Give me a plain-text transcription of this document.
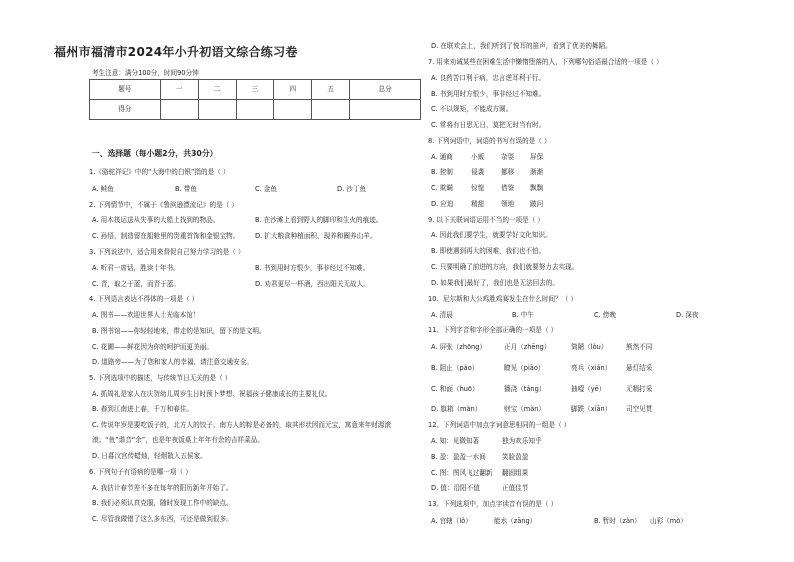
福州市福清市2024年小升初语文综合练习卷
考生注意：满分100分，时间90分钟
题号	一	二	三	四	五	总分
得分						
一、选择题（每小题2分，共30分）
1.《骆驼祥记》中的“大海中的白银”指的是（ ）
A. 鲑鱼	B. 带鱼	C. 金鱼	D. 沙丁鱼
2. 下列情节中，不属于《鲁滨逊漂流记》的是（ ）
A. 用木筏运送从失事的大船上找到的物品。	B. 在沙滩上看到野人的脚印和生火的痕迹。
C. 孙悟，制造留在船舱里的贵重首饰和金银宝物。 D. 扩大粮食种植面积，现养和圈养山羊。
3. 下列说法中，适合用来督促自己努力学习的是（ ）
A. 听君一席话，胜读十年书。	B. 书到用时方恨少，事非经过不知难。
C. 青，取之于蓝，而青于蓝。	D. 劝君更尽一杯酒，西出阳关无故人。
4. 下列语言表达不得体的一项是（ ）
A. 图书——欢迎世界人士光临本馆！
B. 图书馆——你轻轻地来，带走的是知识，留下的是文明。
C. 花圃——鲜花因为你的呵护而更美丽。
D. 道路旁——为了您和家人的幸福，请注意交通安全。
5. 下列选项中的描述，与传统节日无关的是（ ）
A. 抓周礼是家人在庆贺幼儿周岁生日时预卜梦想、祝福孩子健康成长的主要礼仪。
B. 春到江南进上春，千万和春住。
C. 传说年岁是要吃饭子的，北方人的饺子、南方人的粽是必备的，取其形状因而元宝，寓意来年财源滚
滚；“鱼”谐音“余”，也是年夜饭桌上年年有余的吉祥菜品。
D. 日暮汉宫传蜡烛，轻烟散入五侯家。
6. 下列句子有语病的是哪一项（ ）
A. 我估计春节差不多在每年的阳历新年开始了。
B. 我们必须认真克服，随时发现工作中的缺点。
C. 尽管我做错了这么多东西，可还是做到很多。
D. 在联欢会上，我们听到了悦耳的笛声，看到了优美的舞蹈。
7. 用来劝诫某些在困难生活中懒惰堕落的人，下列哪句俗语最合适的一项是（ ）
A. 良药苦口利于病，忠言逆耳利于行。
B. 书到用时方恨少，事非经过不知难。
C. 不以规矩，不能成方圆。
C. 常将有日思无日，莫把无时当有时。
8. 下列词语中，词语的书写有误的是（ ）
A. 通商	小贩	杂耍 屏保
B. 控制	侵袭	挪移 渐渐
C. 欺瞒	惊惶	借鉴 飘飘
D. 应迫	精甜	领地 跛问
9. 以下关联词语运用不当的一项是（ ）
A. 因此我们要学生，就要学好文化知识。
B. 即使遇到再大的困难，我们也不怕。
C. 只要明确了前进的方向，我们就要努力去实现。
D. 如果我们最好了，我们也是无法回去的。
10、尼尔斯和大公鸡胜鸡赛发生在什么时间？（ ）
A. 清晨	B. 中午	C. 傍晚	D. 深夜
11、下列字音和字形全部正确的一项是（ ）
A. 屏张（zhōng）	正月（zhēng）	简陋（lòu）	熊然不同
B. 阻止（páo）	瞭见（piāo）	亮兵（xián） 悬灯结采
C. 和面（huō）	播浇（táng）	抽噎（yē）	无精打采
D. 旗箱（màn）	财宝（màn）	脚跌（xiān） 司空见贯
12、下列词语中加点字词意思相同的一组是（ ）
A. 知：见微知著	独为欢乐知乎
B. 盈：盈盈一水间 笑脸盈盈
C. 图：图风飞过翻新 翻固组果
D. 值：沿阳不值	正值佳节
13、下列选项中，加点字读音有误的是（ ）
A. 官辖（lǒ）	能水（zāng）	B. 暂时（zàn） 山彩（mò）
